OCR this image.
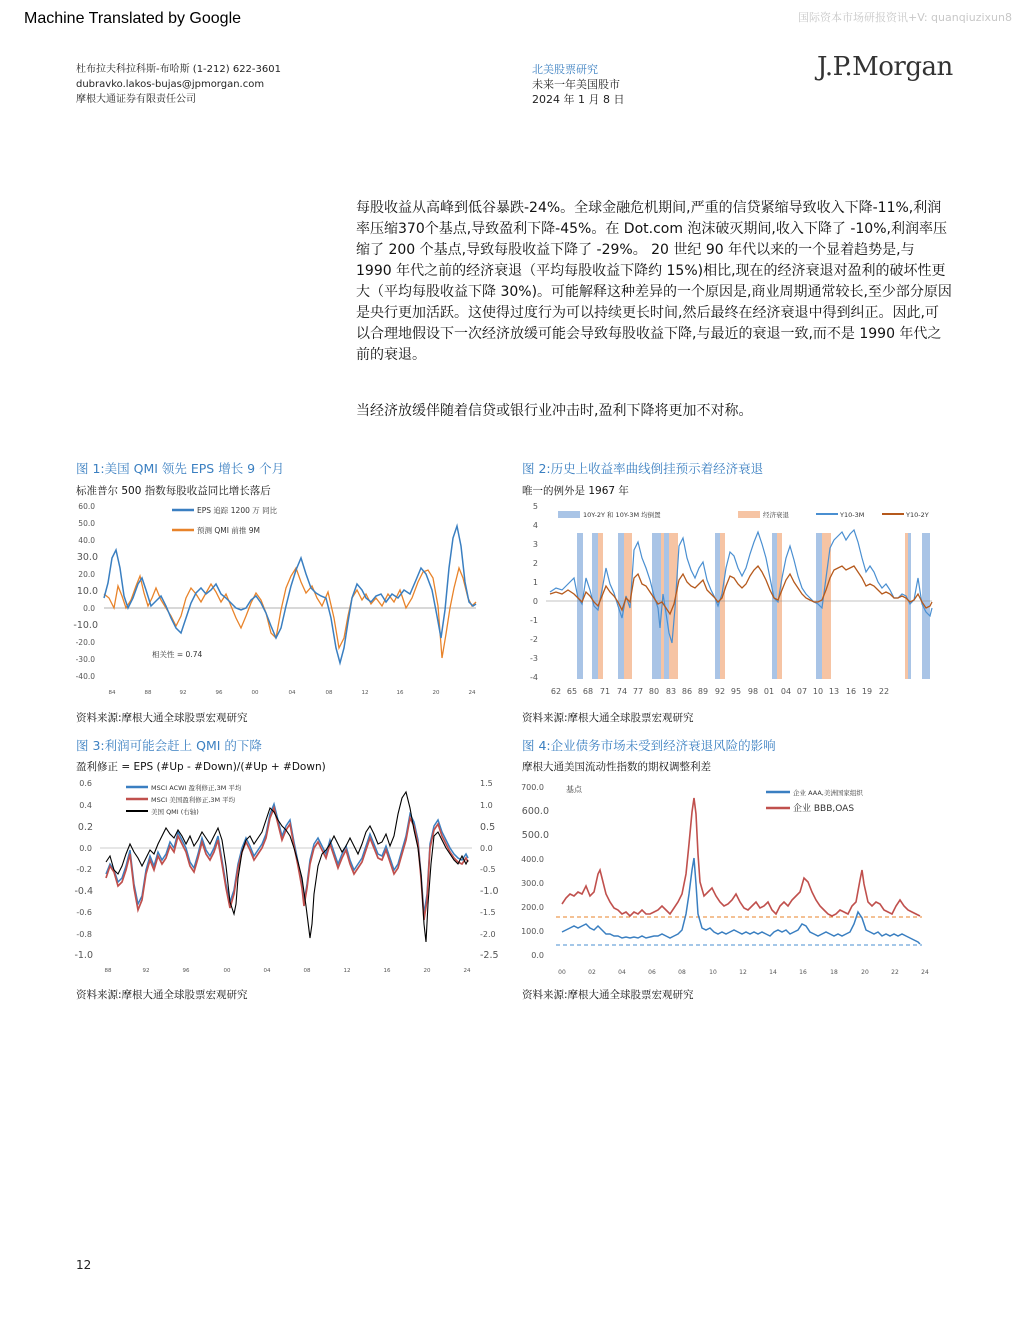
Machine Translated by Google	国际资本市场研报资讯+V: quanqiuzixun8
杜布拉夫科拉科斯-布哈斯 (1-212) 622-3601
dubravko.lakos-bujas@jpmorgan.com
摩根大通证券有限责任公司
北美股票研究
未来一年美国股市
2024 年 1 月 8 日
J.P.Morgan
每股收益从高峰到低谷暴跌-24%。全球金融危机期间,严重的信贷紧缩导致收入下降-11%,利润率压缩370个基点,导致盈利下降-45%。在 Dot.com 泡沫破灭期间,收入下降了 -10%,利润率压缩了 200 个基点,导致每股收益下降了 -29%。 20 世纪 90 年代以来的一个显着趋势是,与 1990 年代之前的经济衰退（平均每股收益下降约 15%)相比,现在的经济衰退对盈利的破坏性更大（平均每股收益下降 30%)。可能解释这种差异的一个原因是,商业周期通常较长,至少部分原因是央行更加活跃。这使得过度行为可以持续更长时间,然后最终在经济衰退中得到纠正。因此,可以合理地假设下一次经济放缓可能会导致每股收益下降,与最近的衰退一致,而不是 1990 年代之前的衰退。
当经济放缓伴随着信贷或银行业冲击时,盈利下降将更加不对称。
图 1:美国 QMI 领先 EPS 增长 9 个月
标准普尔 500 指数每股收益同比增长落后
60.0
50.0
40.0
30.0
20.0
10.0
0.0
-10.0
-20.0
-30.0
-40.0
EPS 追踪 1200 万 同比
预测 QMI 前推 9M
相关性 = 0.74
84	88	92	96	00	04	08	12	16	20	24
资料来源:摩根大通全球股票宏观研究
图 2:历史上收益率曲线倒挂预示着经济衰退
唯一的例外是 1967 年
5
4
3
2
1
0
-1
-2
-3
-4
10Y-2Y 和 10Y-3M 均倒置	经济衰退	Y10-3M	Y10-2Y
62 65 68 71 74 77 80 83 86 89 92 95 98 01 04 07 10 13 16 19 22
资料来源:摩根大通全球股票宏观研究
图 3:利润可能会赶上 QMI 的下降
盈利修正 = EPS (#Up - #Down)/(#Up + #Down)
0.6
0.4
0.2
0.0
-0.2
-0.4
-0.6
-0.8
-1.0
1.5
1.0
0.5
0.0
-0.5
-1.0
-1.5
-2.0
-2.5
MSCI ACWI 盈利修正,3M 平均
MSCI 美国盈利修正,3M 平均
美国 QMI (右轴)
88	92	96	00	04	08	12	16	20	24
资料来源:摩根大通全球股票宏观研究
图 4:企业债务市场未受到经济衰退风险的影响
摩根大通美国流动性指数的期权调整利差
700.0
600.0
500.0
400.0
300.0
200.0
100.0
0.0
基点	企业 AAA,美洲国家组织
企业 BBB,OAS
00	02	04	06	08	10	12	14	16	18	20	22	24
资料来源:摩根大通全球股票宏观研究
12
